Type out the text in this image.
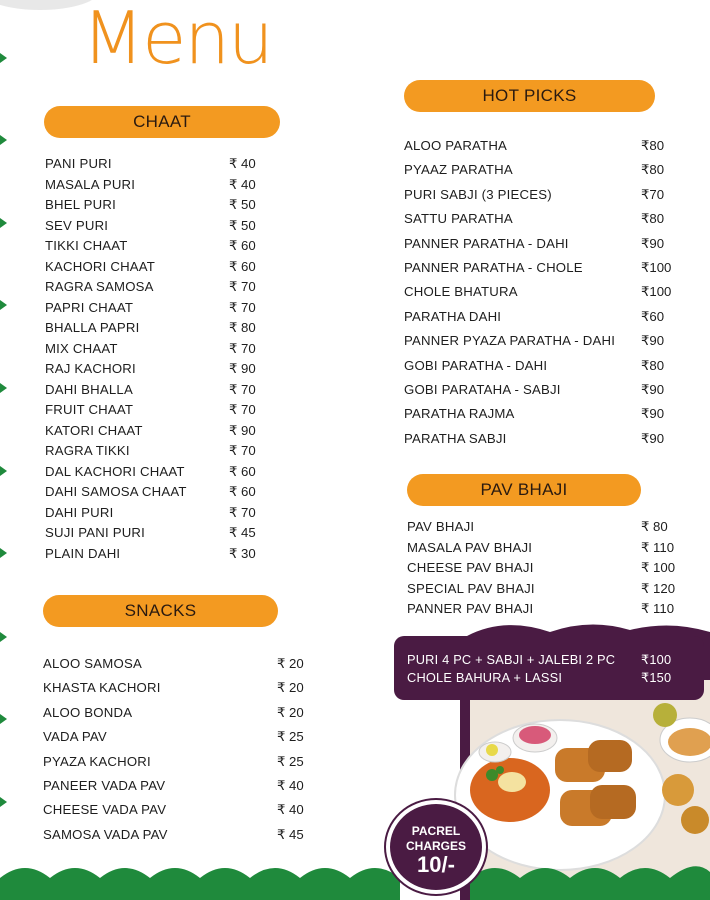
Menu
CHAAT
PANI PURI	₹ 40
MASALA PURI	₹ 40
BHEL PURI	₹ 50
SEV PURI	₹ 50
TIKKI CHAAT	₹ 60
KACHORI CHAAT	₹ 60
RAGRA SAMOSA	₹ 70
PAPRI CHAAT	₹ 70
BHALLA PAPRI	₹ 80
MIX CHAAT	₹ 70
RAJ KACHORI	₹ 90
DAHI BHALLA	₹ 70
FRUIT CHAAT	₹ 70
KATORI CHAAT	₹ 90
RAGRA TIKKI	₹ 70
DAL KACHORI CHAAT	₹ 60
DAHI SAMOSA CHAAT	₹ 60
DAHI PURI	₹ 70
SUJI PANI PURI	₹ 45
PLAIN DAHI	₹ 30
SNACKS
ALOO SAMOSA	₹ 20
KHASTA KACHORI	₹ 20
ALOO BONDA	₹ 20
VADA PAV	₹ 25
PYAZA KACHORI	₹ 25
PANEER VADA PAV	₹ 40
CHEESE VADA PAV	₹ 40
SAMOSA VADA PAV	₹ 45
HOT PICKS
ALOO PARATHA	₹80
PYAAZ PARATHA	₹80
PURI SABJI (3 PIECES)	₹70
SATTU PARATHA	₹80
PANNER PARATHA - DAHI	₹90
PANNER PARATHA - CHOLE	₹100
CHOLE BHATURA	₹100
PARATHA DAHI	₹60
PANNER PYAZA PARATHA - DAHI ₹90
GOBI PARATHA - DAHI	₹80
GOBI PARATAHA - SABJI	₹90
PARATHA RAJMA	₹90
PARATHA SABJI	₹90
PAV BHAJI
PAV BHAJI	₹ 80
MASALA PAV BHAJI	₹ 110
CHEESE PAV BHAJI	₹ 100
SPECIAL PAV BHAJI	₹ 120
PANNER PAV BHAJI	₹ 110
PURI 4 PC + SABJI + JALEBI 2 PC ₹100
CHOLE BAHURA + LASSI	₹150
PACREL
CHARGES
10/-
